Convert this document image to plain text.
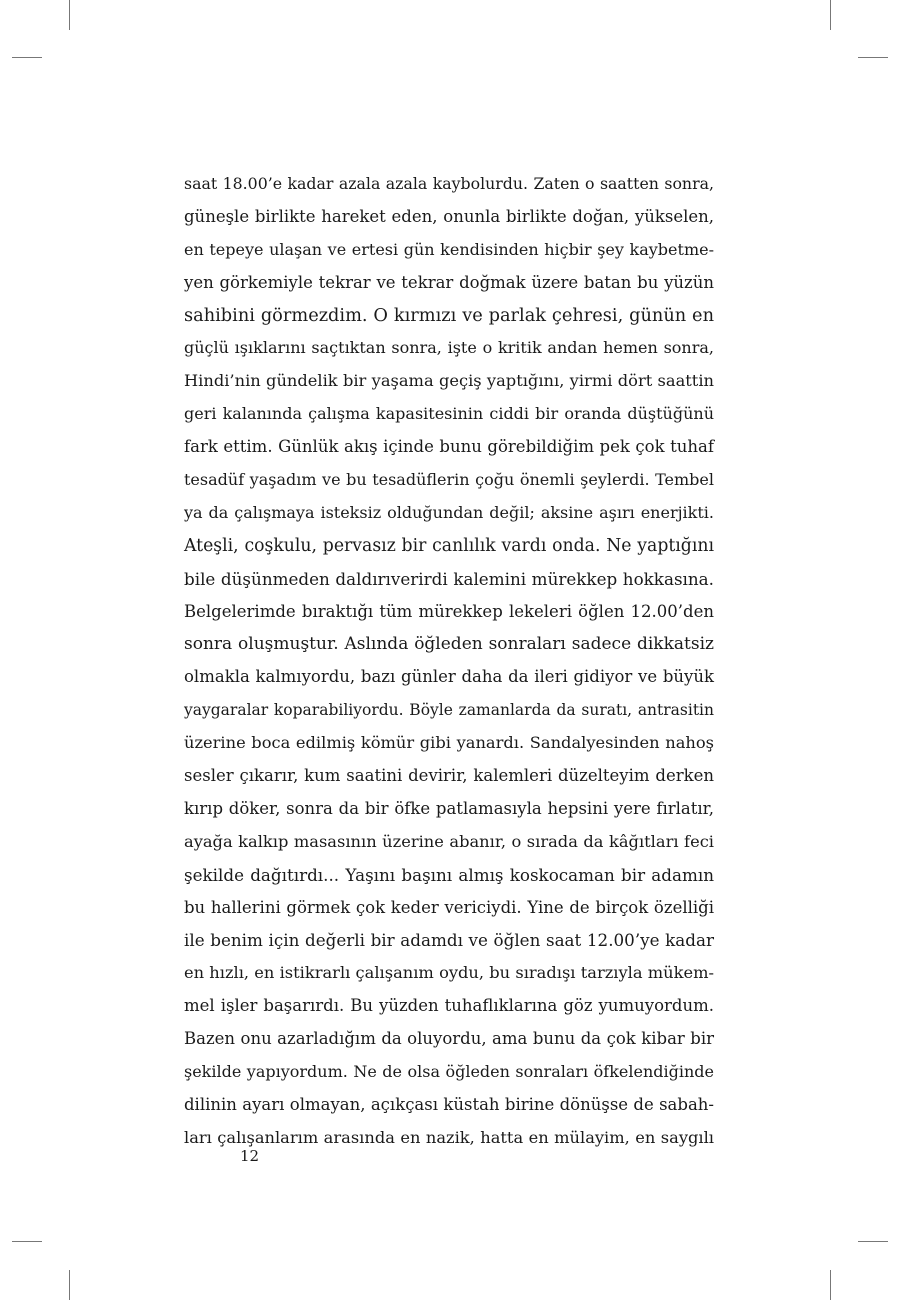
saat 18.00’e kadar azala azala kaybolurdu. Zaten o saatten sonra,
güneşle birlikte hareket eden, onunla birlikte doğan, yükselen,
en tepeye ulaşan ve ertesi gün kendisinden hiçbir şey kaybetme-
yen görkemiyle tekrar ve tekrar doğmak üzere batan bu yüzün
sahibini görmezdim. O kırmızı ve parlak çehresi, günün en
güçlü ışıklarını saçtıktan sonra, işte o kritik andan hemen sonra,
Hindi’nin gündelik bir yaşama geçiş yaptığını, yirmi dört saattin
geri kalanında çalışma kapasitesinin ciddi bir oranda düştüğünü
fark ettim. Günlük akış içinde bunu görebildiğim pek çok tuhaf
tesadüf yaşadım ve bu tesadüflerin çoğu önemli şeylerdi. Tembel
ya da çalışmaya isteksiz olduğundan değil; aksine aşırı enerjikti.
Ateşli, coşkulu, pervasız bir canlılık vardı onda. Ne yaptığını
bile düşünmeden daldırıverirdi kalemini mürekkep hokkasına.
Belgelerimde bıraktığı tüm mürekkep lekeleri öğlen 12.00’den
sonra oluşmuştur. Aslında öğleden sonraları sadece dikkatsiz
olmakla kalmıyordu, bazı günler daha da ileri gidiyor ve büyük
yaygaralar koparabiliyordu. Böyle zamanlarda da suratı, antrasitin
üzerine boca edilmiş kömür gibi yanardı. Sandalyesinden nahoş
sesler çıkarır, kum saatini devirir, kalemleri düzelteyim derken
kırıp döker, sonra da bir öfke patlamasıyla hepsini yere fırlatır,
ayağa kalkıp masasının üzerine abanır, o sırada da kâğıtları feci
şekilde dağıtırdı... Yaşını başını almış koskocaman bir adamın
bu hallerini görmek çok keder vericiydi. Yine de birçok özelliği
ile benim için değerli bir adamdı ve öğlen saat 12.00’ye kadar
en hızlı, en istikrarlı çalışanım oydu, bu sıradışı tarzıyla mükem-
mel işler başarırdı. Bu yüzden tuhaflıklarına göz yumuyordum.
Bazen onu azarladığım da oluyordu, ama bunu da çok kibar bir
şekilde yapıyordum. Ne de olsa öğleden sonraları öfkelendiğinde
dilinin ayarı olmayan, açıkçası küstah birine dönüşse de sabah-
ları çalışanlarım arasında en nazik, hatta en mülayim, en saygılı
12
